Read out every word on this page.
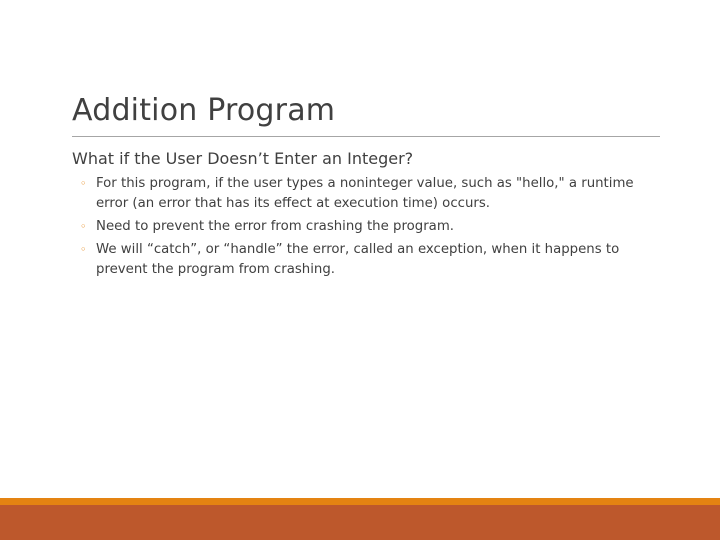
Addition Program
What if the User Doesn’t Enter an Integer?
◦ For this program, if the user types a noninteger value, such as "hello," a runtime error (an error that has its effect at execution time) occurs.
◦ Need to prevent the error from crashing the program.
◦ We will “catch”, or “handle” the error, called an exception, when it happens to prevent the program from crashing.
